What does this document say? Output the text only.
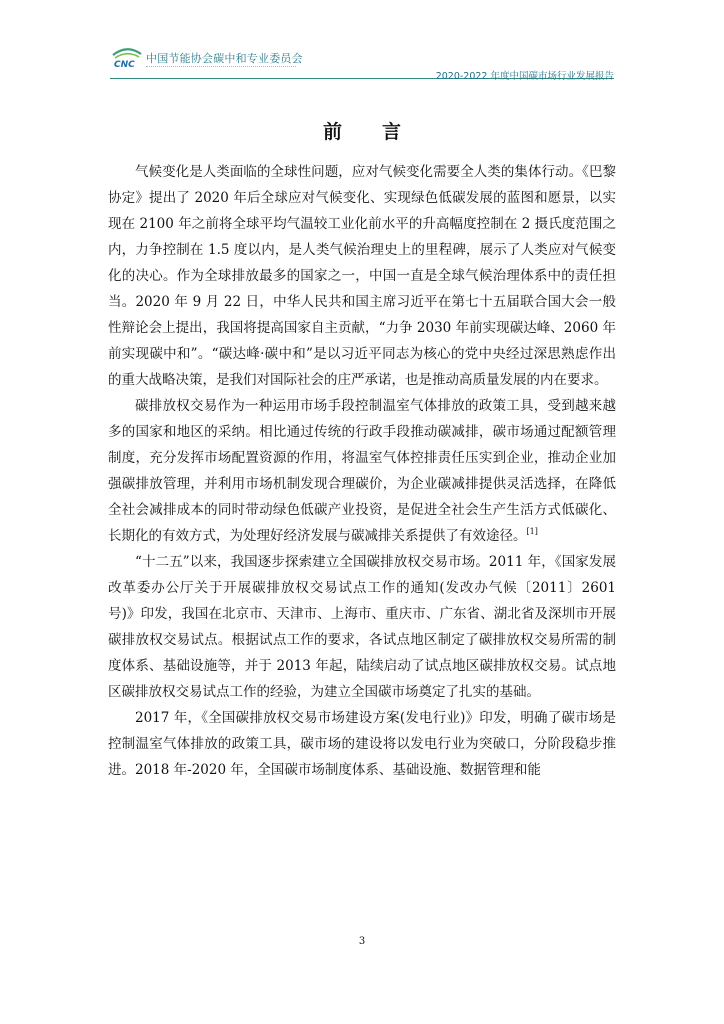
CNC 中国节能协会碳中和专业委员会
2020-2022 年度中国碳市场行业发展报告
前言

气候变化是人类面临的全球性问题，应对气候变化需要全人类的集体行动。《巴黎协定》提出了 2020 年后全球应对气候变化、实现绿色低碳发展的蓝图和愿景，以实现在 2100 年之前将全球平均气温较工业化前水平的升高幅度控制在 2 摄氏度范围之内，力争控制在 1.5 度以内，是人类气候治理史上的里程碑，展示了人类应对气候变化的决心。作为全球排放最多的国家之一，中国一直是全球气候治理体系中的责任担当。2020 年 9 月 22 日，中华人民共和国主席习近平在第七十五届联合国大会一般性辩论会上提出，我国将提高国家自主贡献，“力争 2030 年前实现碳达峰、2060 年前实现碳中和”。“碳达峰·碳中和”是以习近平同志为核心的党中央经过深思熟虑作出的重大战略决策，是我们对国际社会的庄严承诺，也是推动高质量发展的内在要求。

碳排放权交易作为一种运用市场手段控制温室气体排放的政策工具，受到越来越多的国家和地区的采纳。相比通过传统的行政手段推动碳减排，碳市场通过配额管理制度，充分发挥市场配置资源的作用，将温室气体控排责任压实到企业，推动企业加强碳排放管理，并利用市场机制发现合理碳价，为企业碳减排提供灵活选择，在降低全社会减排成本的同时带动绿色低碳产业投资，是促进全社会生产生活方式低碳化、长期化的有效方式，为处理好经济发展与碳减排关系提供了有效途径。[1]

“十二五”以来，我国逐步探索建立全国碳排放权交易市场。2011 年，《国家发展改革委办公厅关于开展碳排放权交易试点工作的通知(发改办气候〔2011〕2601 号)》印发，我国在北京市、天津市、上海市、重庆市、广东省、湖北省及深圳市开展碳排放权交易试点。根据试点工作的要求，各试点地区制定了碳排放权交易所需的制度体系、基础设施等，并于 2013 年起，陆续启动了试点地区碳排放权交易。试点地区碳排放权交易试点工作的经验，为建立全国碳市场奠定了扎实的基础。

2017 年，《全国碳排放权交易市场建设方案(发电行业)》印发，明确了碳市场是控制温室气体排放的政策工具，碳市场的建设将以发电行业为突破口，分阶段稳步推进。2018 年-2020 年，全国碳市场制度体系、基础设施、数据管理和能

3
